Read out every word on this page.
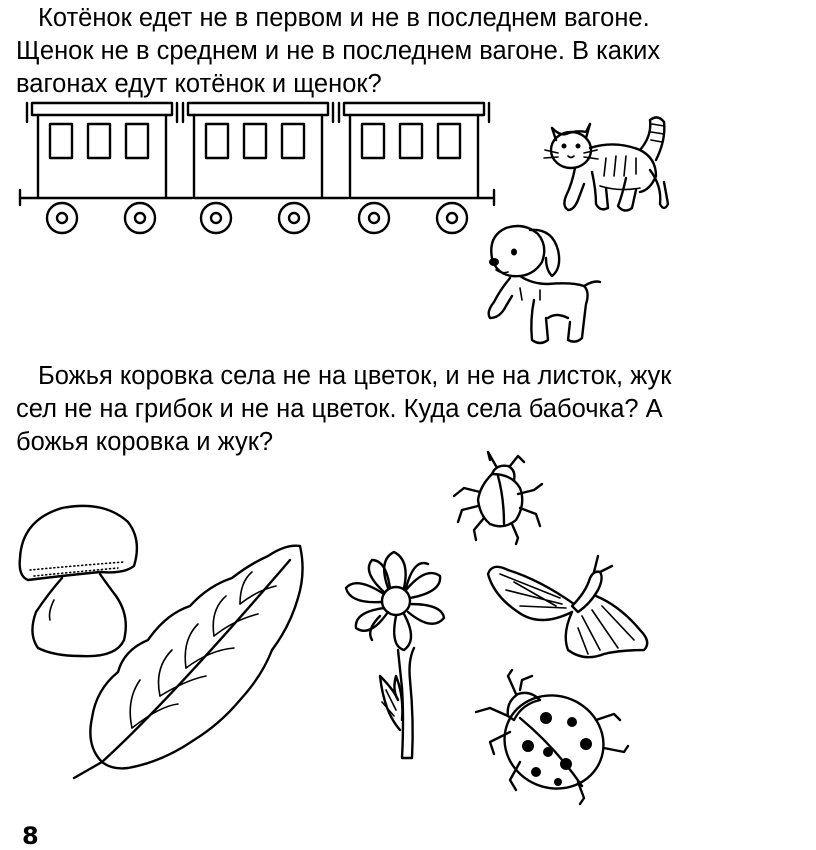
Котёнок едет не в первом и не в последнем вагоне.
Щенок не в среднем и не в последнем вагоне. В каких
вагонах едут котёнок и щенок?

Божья коровка села не на цветок, и не на листок, жук
сел не на грибок и не на цветок. Куда села бабочка? А
божья коровка и жук?

8
